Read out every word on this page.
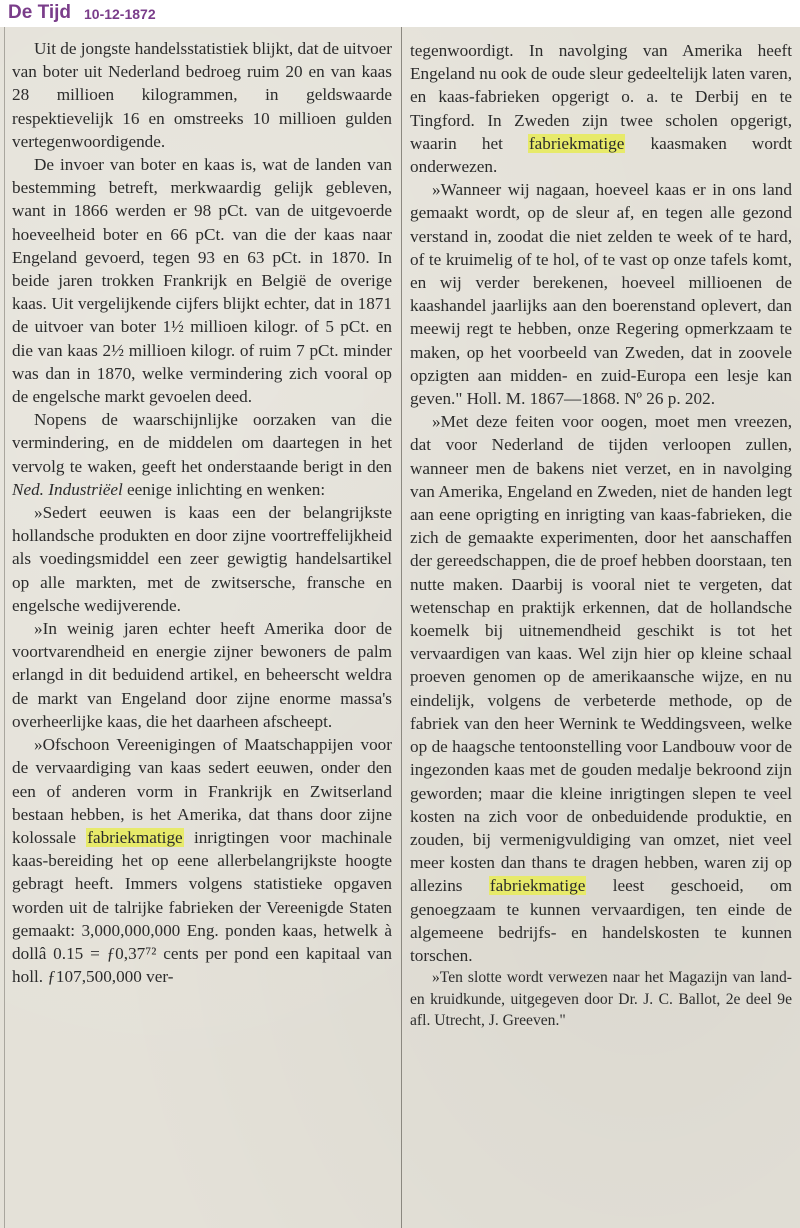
De Tijd 10-12-1872

Uit de jongste handelsstatistiek blijkt, dat de uitvoer van boter uit Nederland bedroeg ruim 20 en van kaas 28 millioen kilogrammen, in geldswaarde respektievelijk 16 en omstreeks 10 millioen gulden vertegenwoordigende.

De invoer van boter en kaas is, wat de landen van bestemming betreft, merkwaardig gelijk gebleven, want in 1866 werden er 98 pCt. van de uitgevoerde hoeveelheid boter en 66 pCt. van die der kaas naar Engeland gevoerd, tegen 93 en 63 pCt. in 1870. In beide jaren trokken Frankrijk en België de overige kaas. Uit vergelijkende cijfers blijkt echter, dat in 1871 de uitvoer van boter 1½ millioen kilogr. of 5 pCt. en die van kaas 2½ millioen kilogr. of ruim 7 pCt. minder was dan in 1870, welke vermindering zich vooral op de engelsche markt gevoelen deed.

Nopens de waarschijnlijke oorzaken van die vermindering, en de middelen om daartegen in het vervolg te waken, geeft het onderstaande berigt in den Ned. Industriëel eenige inlichting en wenken:

»Sedert eeuwen is kaas een der belangrijkste hollandsche produkten en door zijne voortreffelijkheid als voedingsmiddel een zeer gewigtig handelsartikel op alle markten, met de zwitsersche, fransche en engelsche wedijverende.

»In weinig jaren echter heeft Amerika door de voortvarendheid en energie zijner bewoners de palm erlangd in dit beduidend artikel, en beheerscht weldra de markt van Engeland door zijne enorme massa's overheerlijke kaas, die het daarheen afscheept.

»Ofschoon Vereenigingen of Maatschappijen voor de vervaardiging van kaas sedert eeuwen, onder den een of anderen vorm in Frankrijk en Zwitserland bestaan hebben, is het Amerika, dat thans door zijne kolossale fabriekmatige inrigtingen voor machinale kaas-bereiding het op eene allerbelangrijkste hoogte gebragt heeft. Immers volgens statistieke opgaven worden uit de talrijke fabrieken der Vereenigde Staten gemaakt: 3,000,000,000 Eng. ponden kaas, hetwelk à dollâ 0.15 = ƒ0,37⁷² cents per pond een kapitaal van holl. ƒ107,500,000 ver-

tegenwoordigt. In navolging van Amerika heeft Engeland nu ook de oude sleur gedeeltelijk laten varen, en kaas-fabrieken opgerigt o. a. te Derbij en te Tingford. In Zweden zijn twee scholen opgerigt, waarin het fabriekmatige kaasmaken wordt onderwezen.

»Wanneer wij nagaan, hoeveel kaas er in ons land gemaakt wordt, op de sleur af, en tegen alle gezond verstand in, zoodat die niet zelden te week of te hard, of te kruimelig of te hol, of te vast op onze tafels komt, en wij verder berekenen, hoeveel millioenen de kaashandel jaarlijks aan den boerenstand oplevert, dan meewij regt te hebben, onze Regering opmerkzaam te maken, op het voorbeeld van Zweden, dat in zoovele opzigten aan midden- en zuid-Europa een lesje kan geven." Holl. M. 1867—1868. Nº 26 p. 202.

»Met deze feiten voor oogen, moet men vreezen, dat voor Nederland de tijden verloopen zullen, wanneer men de bakens niet verzet, en in navolging van Amerika, Engeland en Zweden, niet de handen legt aan eene oprigting en inrigting van kaas-fabrieken, die zich de gemaakte experimenten, door het aanschaffen der gereedschappen, die de proef hebben doorstaan, ten nutte maken. Daarbij is vooral niet te vergeten, dat wetenschap en praktijk erkennen, dat de hollandsche koemelk bij uitnemendheid geschikt is tot het vervaardigen van kaas. Wel zijn hier op kleine schaal proeven genomen op de amerikaansche wijze, en nu eindelijk, volgens de verbeterde methode, op de fabriek van den heer Wernink te Weddingsveen, welke op de haagsche tentoonstelling voor Landbouw voor de ingezonden kaas met de gouden medalje bekroond zijn geworden; maar die kleine inrigtingen slepen te veel kosten na zich voor de onbeduidende produktie, en zouden, bij vermenigvuldiging van omzet, niet veel meer kosten dan thans te dragen hebben, waren zij op allezins fabriekmatige leest geschoeid, om genoegzaam te kunnen vervaardigen, ten einde de algemeene bedrijfs- en handelskosten te kunnen torschen.

»Ten slotte wordt verwezen naar het Magazijn van land- en kruidkunde, uitgegeven door Dr. J. C. Ballot, 2e deel 9e afl. Utrecht, J. Greeven."
